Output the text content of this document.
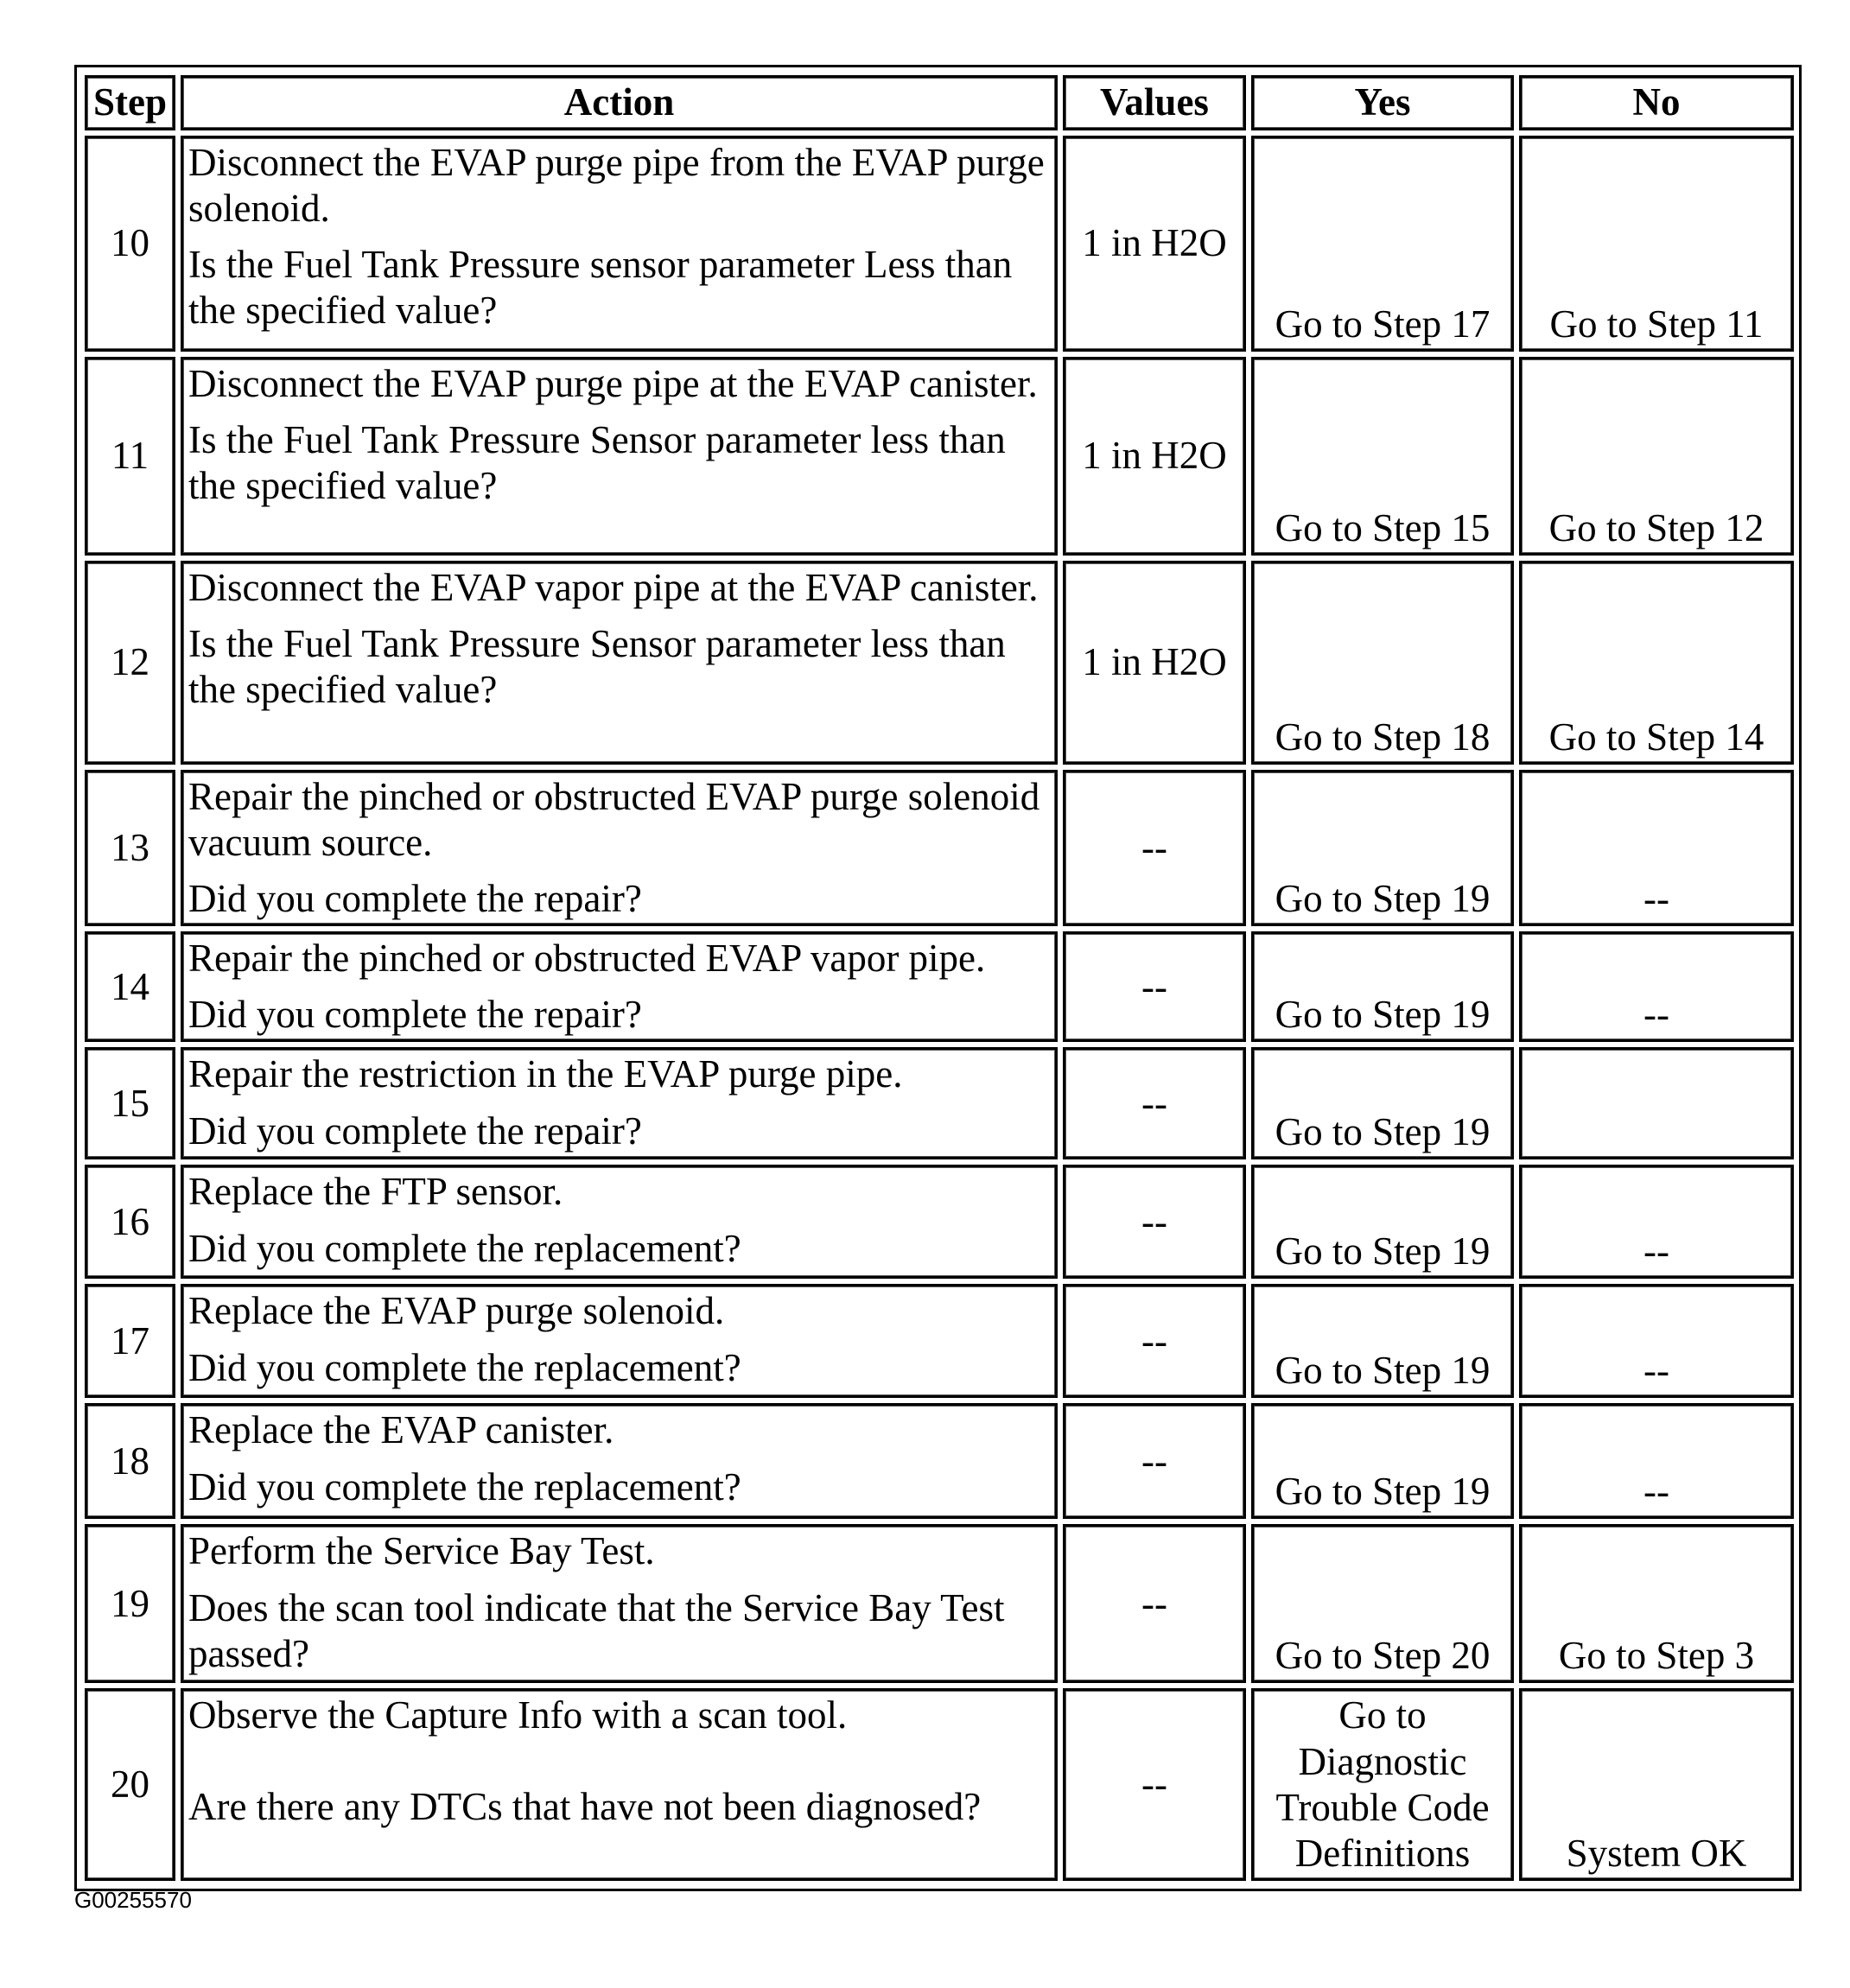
Step	Action	Values	Yes	No
10	Disconnect the EVAP purge pipe from the EVAP purge solenoid.

Is the Fuel Tank Pressure sensor parameter Less than the specified value?	1 in H2O	Go to Step 17	Go to Step 11
11	Disconnect the EVAP purge pipe at the EVAP canister.

Is the Fuel Tank Pressure Sensor parameter less than the specified value?	1 in H2O	Go to Step 15	Go to Step 12
12	Disconnect the EVAP vapor pipe at the EVAP canister.

Is the Fuel Tank Pressure Sensor parameter less than the specified value?	1 in H2O	Go to Step 18	Go to Step 14
13	Repair the pinched or obstructed EVAP purge solenoid vacuum source.

Did you complete the repair?	--	Go to Step 19	--
14	Repair the pinched or obstructed EVAP vapor pipe.

Did you complete the repair?	--	Go to Step 19	--
15	Repair the restriction in the EVAP purge pipe.

Did you complete the repair?	--	Go to Step 19	
16	Replace the FTP sensor.

Did you complete the replacement?	--	Go to Step 19	--
17	Replace the EVAP purge solenoid.

Did you complete the replacement?	--	Go to Step 19	--
18	Replace the EVAP canister.

Did you complete the replacement?	--	Go to Step 19	--
19	Perform the Service Bay Test.

Does the scan tool indicate that the Service Bay Test passed?	--	Go to Step 20	Go to Step 3
20	Observe the Capture Info with a scan tool.

Are there any DTCs that have not been diagnosed?	--	Go to Diagnostic Trouble Code Definitions	System OK
G00255570
